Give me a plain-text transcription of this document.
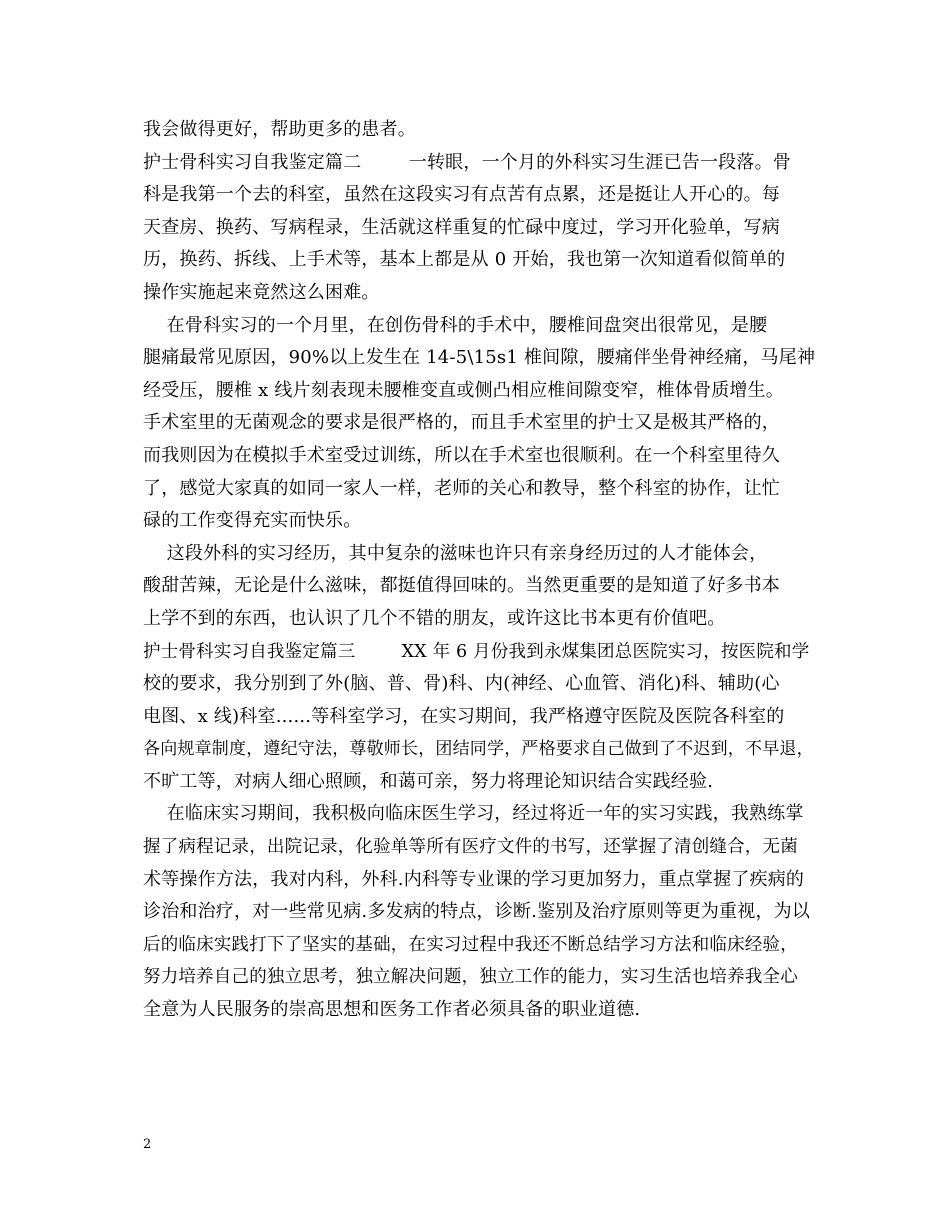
我会做得更好，帮助更多的患者。
护士骨科实习自我鉴定篇二        一转眼，一个月的外科实习生涯已告一段落。骨
科是我第一个去的科室，虽然在这段实习有点苦有点累，还是挺让人开心的。每
天查房、换药、写病程录，生活就这样重复的忙碌中度过，学习开化验单，写病
历，换药、拆线、上手术等，基本上都是从 0 开始，我也第一次知道看似简单的
操作实施起来竟然这么困难。
在骨科实习的一个月里，在创伤骨科的手术中，腰椎间盘突出很常见，是腰
腿痛最常见原因，90%以上发生在 14-5\15s1 椎间隙，腰痛伴坐骨神经痛，马尾神
经受压，腰椎 x 线片刻表现未腰椎变直或侧凸相应椎间隙变窄，椎体骨质增生。
手术室里的无菌观念的要求是很严格的，而且手术室里的护士又是极其严格的，
而我则因为在模拟手术室受过训练，所以在手术室也很顺利。在一个科室里待久
了，感觉大家真的如同一家人一样，老师的关心和教导，整个科室的协作，让忙
碌的工作变得充实而快乐。
这段外科的实习经历，其中复杂的滋味也许只有亲身经历过的人才能体会，
酸甜苦辣，无论是什么滋味，都挺值得回味的。当然更重要的是知道了好多书本
上学不到的东西，也认识了几个不错的朋友，或许这比书本更有价值吧。
护士骨科实习自我鉴定篇三        XX 年 6 月份我到永煤集团总医院实习，按医院和学
校的要求，我分别到了外(脑、普、骨)科、内(神经、心血管、消化)科、辅助(心
电图、x 线)科室......等科室学习，在实习期间，我严格遵守医院及医院各科室的
各向规章制度，遵纪守法，尊敬师长，团结同学，严格要求自己做到了不迟到，不早退，
不旷工等，对病人细心照顾，和蔼可亲，努力将理论知识结合实践经验.
在临床实习期间，我积极向临床医生学习，经过将近一年的实习实践，我熟练掌
握了病程记录，出院记录，化验单等所有医疗文件的书写，还掌握了清创缝合，无菌
术等操作方法，我对内科，外科.内科等专业课的学习更加努力，重点掌握了疾病的
诊治和治疗，对一些常见病.多发病的特点，诊断.鉴别及治疗原则等更为重视，为以
后的临床实践打下了坚实的基础，在实习过程中我还不断总结学习方法和临床经验，
努力培养自己的独立思考，独立解决问题，独立工作的能力，实习生活也培养我全心
全意为人民服务的崇高思想和医务工作者必须具备的职业道德.
2
